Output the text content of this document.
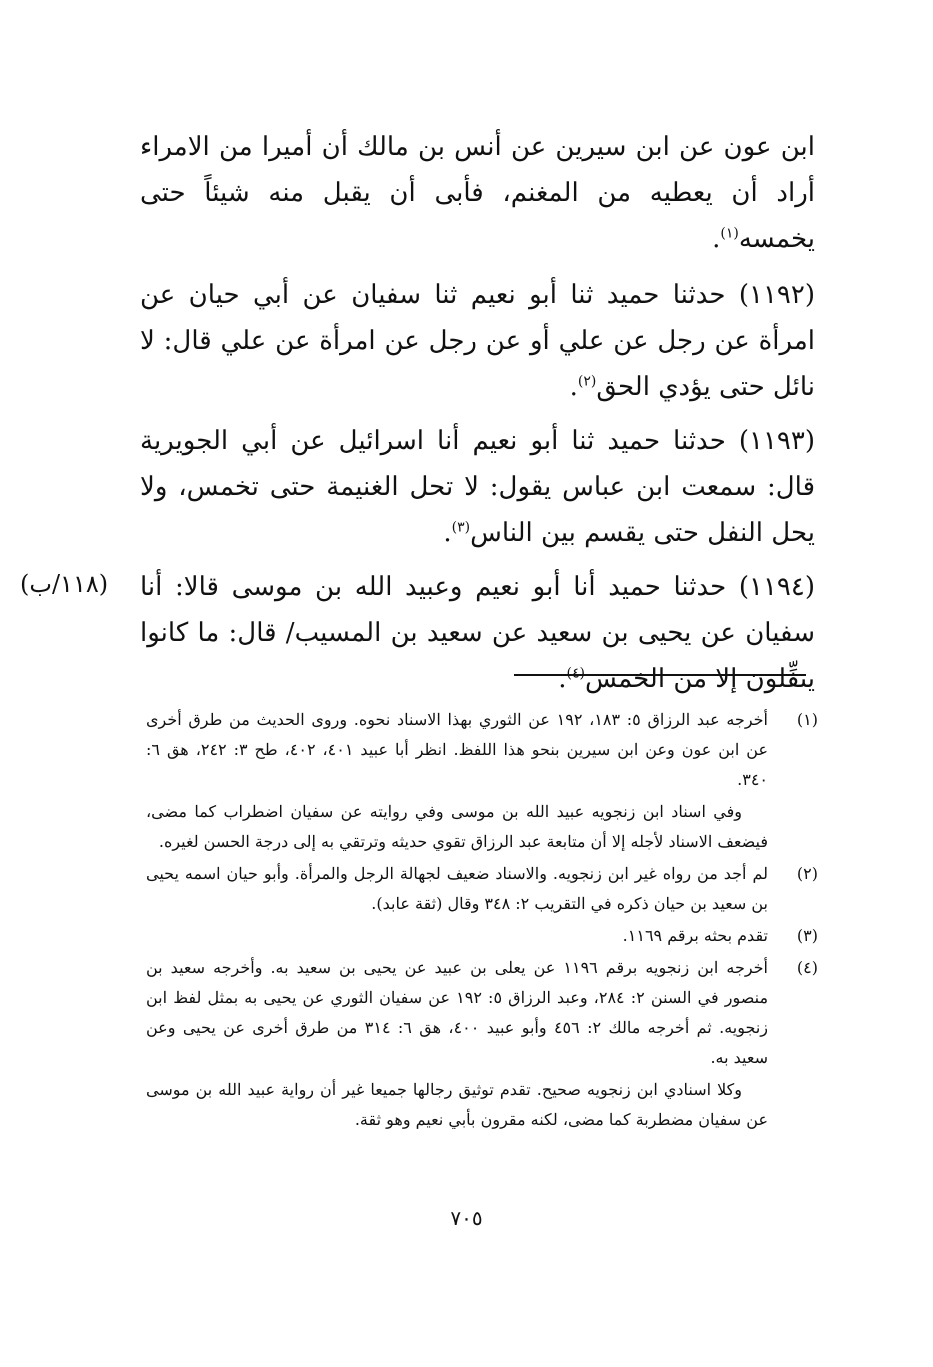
ابن عون عن ابن سيرين عن أنس بن مالك أن أميرا من الامراء أراد أن يعطيه من المغنم، فأبى أن يقبل منه شيئاً حتى يخمسه$^{(١)}$.

(١١٩٢) حدثنا حميد ثنا أبو نعيم ثنا سفيان عن أبي حيان عن امرأة عن رجل عن علي أو عن رجل عن امرأة عن علي قال: لا نائل حتى يؤدي الحق$^{(٢)}$.

(١١٩٣) حدثنا حميد ثنا أبو نعيم أنا اسرائيل عن أبي الجويرية قال: سمعت ابن عباس يقول: لا تحل الغنيمة حتى تخمس، ولا يحل النفل حتى يقسم بين الناس$^{(٣)}$.

(١١٩٤) حدثنا حميد أنا أبو نعيم وعبيد الله بن موسى قالا: أنا سفيان عن يحيى بن سعيد عن سعيد بن المسيب/ قال: ما كانوا ينفِّلون إلا من الخمس$^{(٤)}$.

(١١٨/ب)
(١)

أخرجه عبد الرزاق ٥: ١٨٣، ١٩٢ عن الثوري بهذا الاسناد نحوه. وروى الحديث من طرق أخرى عن ابن عون وعن ابن سيرين بنحو هذا اللفظ. انظر أبا عبيد ٤٠١، ٤٠٢، طح ٣: ٢٤٢، هق ٦: ٣٤٠.

وفي اسناد ابن زنجويه عبيد الله بن موسى وفي روايته عن سفيان اضطراب كما مضى، فيضعف الاسناد لأجله إلا أن متابعة عبد الرزاق تقوي حديثه وترتقي به إلى درجة الحسن لغيره.

(٢)

لم أجد من رواه غير ابن زنجويه. والاسناد ضعيف لجهالة الرجل والمرأة. وأبو حيان اسمه يحيى بن سعيد بن حيان ذكره في التقريب ٢: ٣٤٨ وقال (ثقة عابد).

(٣)

تقدم بحثه برقم ١١٦٩.

(٤)

أخرجه ابن زنجويه برقم ١١٩٦ عن يعلى بن عبيد عن يحيى بن سعيد به. وأخرجه سعيد بن منصور في السنن ٢: ٢٨٤، وعبد الرزاق ٥: ١٩٢ عن سفيان الثوري عن يحيى به بمثل لفظ ابن زنجويه. ثم أخرجه مالك ٢: ٤٥٦ وأبو عبيد ٤٠٠، هق ٦: ٣١٤ من طرق أخرى عن يحيى وعن سعيد به.

وكلا اسنادي ابن زنجويه صحيح. تقدم توثيق رجالها جميعا غير أن رواية عبيد الله بن موسى عن سفيان مضطربة كما مضى، لكنه مقرون بأبي نعيم وهو ثقة.

٧٠٥
